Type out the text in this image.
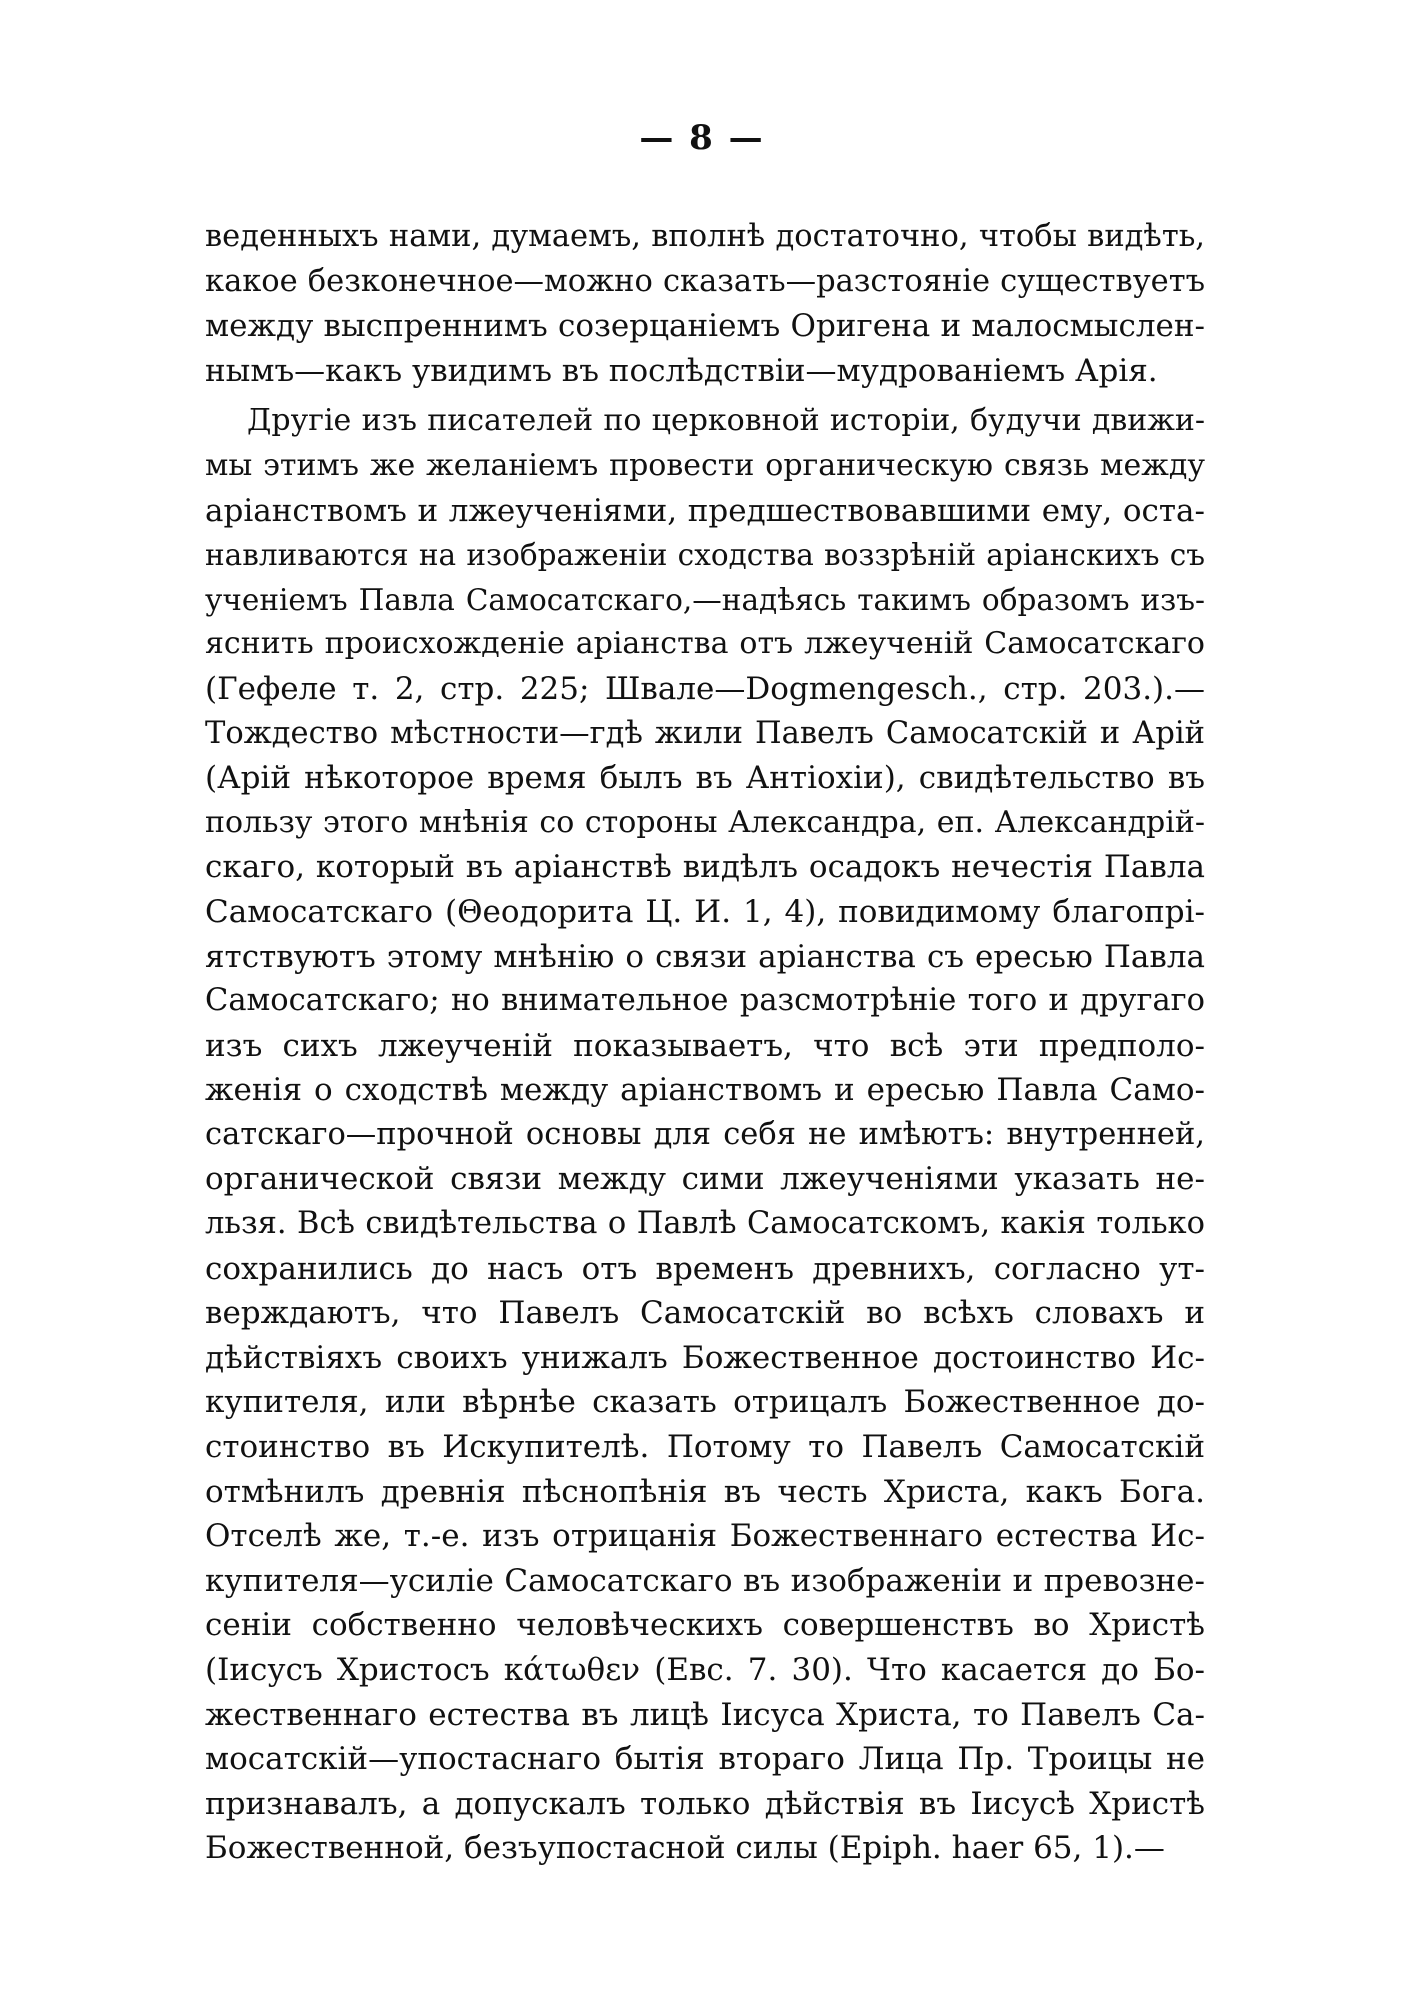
— 8 —
веденныхъ нами, думаемъ, вполнѣ достаточно, чтобы видѣть,
какое безконечное—можно сказать—разстояніе существуетъ
между выспреннимъ созерцаніемъ Оригена и малосмыслен-
нымъ—какъ увидимъ въ послѣдствіи—мудрованіемъ Арія.
Другіе изъ писателей по церковной исторіи, будучи движи-
мы этимъ же желаніемъ провести органическую связь между
аріанствомъ и лжеученіями, предшествовавшими ему, оста-
навливаются на изображеніи сходства воззрѣній аріанскихъ съ
ученіемъ Павла Самосатскаго,—надѣясь такимъ образомъ изъ-
яснить происхожденіе аріанства отъ лжеученій Самосатскаго
(Гефеле т. 2, стр. 225; Швале—Dogmengesch., стр. 203.).—
Тождество мѣстности—гдѣ жили Павелъ Самосатскій и Арій
(Арій нѣкоторое время былъ въ Антіохіи), свидѣтельство въ
пользу этого мнѣнія со стороны Александра, еп. Александрій-
скаго, который въ аріанствѣ видѣлъ осадокъ нечестія Павла
Самосатскаго (Θеодорита Ц. И. 1, 4), повидимому благопрі-
ятствуютъ этому мнѣнію о связи аріанства съ ересью Павла
Самосатскаго; но внимательное разсмотрѣніе того и другаго
изъ сихъ лжеученій показываетъ, что всѣ эти предполо-
женія о сходствѣ между аріанствомъ и ересью Павла Само-
сатскаго—прочной основы для себя не имѣютъ: внутренней,
органической связи между сими лжеученіями указать не-
льзя. Всѣ свидѣтельства о Павлѣ Самосатскомъ, какія только
сохранились до насъ отъ временъ древнихъ, согласно ут-
верждаютъ, что Павелъ Самосатскій во всѣхъ словахъ и
дѣйствіяхъ своихъ унижалъ Божественное достоинство Ис-
купителя, или вѣрнѣе сказать отрицалъ Божественное до-
стоинство въ Искупителѣ. Потому то Павелъ Самосатскій
отмѣнилъ древнія пѣснопѣнія въ честь Христа, какъ Бога.
Отселѣ же, т.-е. изъ отрицанія Божественнаго естества Ис-
купителя—усиліе Самосатскаго въ изображеніи и превозне-
сеніи собственно человѣческихъ совершенствъ во Христѣ
(Іисусъ Христосъ κάτωθεν (Евс. 7. 30). Что касается до Бо-
жественнаго естества въ лицѣ Іисуса Христа, то Павелъ Са-
мосатскій—упостаснаго бытія втораго Лица Пр. Троицы не
признавалъ, а допускалъ только дѣйствія въ Іисусѣ Христѣ
Божественной, безъупостасной силы (Epiph. haer 65, 1).—
